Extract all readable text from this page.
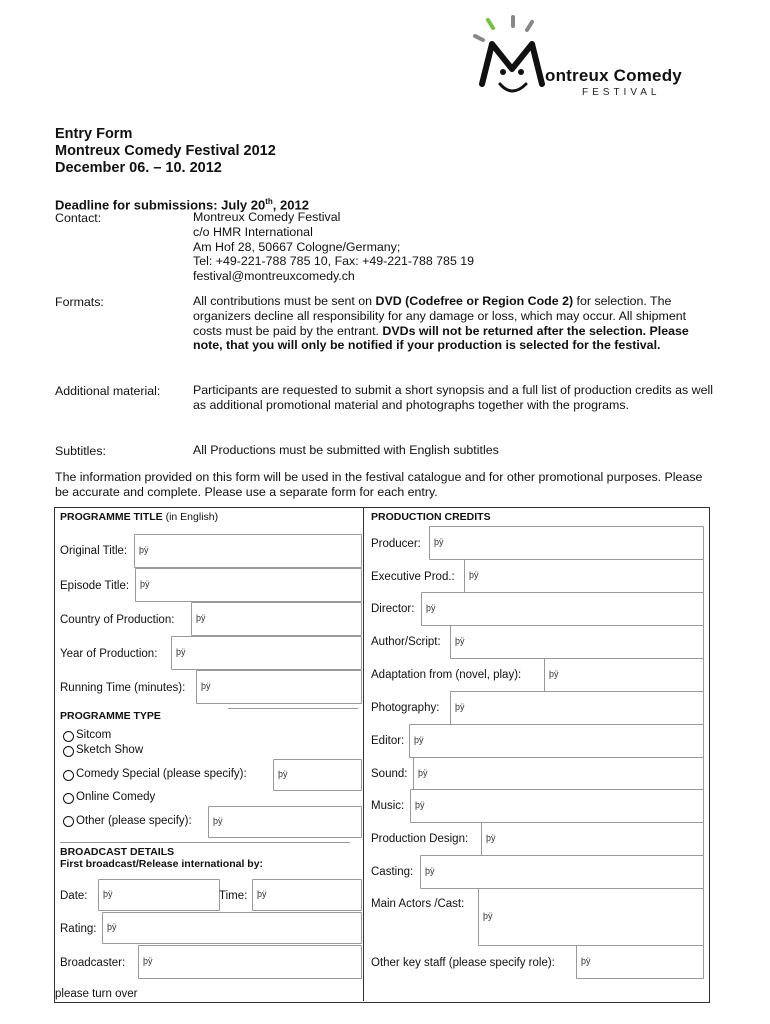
ontreux Comedy
FESTIVAL
Entry Form
Montreux Comedy Festival 2012
December 06. – 10. 2012
Deadline for submissions: July 20th, 2012
Contact:	Montreux Comedy Festival
c/o HMR International
Am Hof 28, 50667 Cologne/Germany;
Tel: +49-221-788 785 10, Fax: +49-221-788 785 19
festival@montreuxcomedy.ch
Formats:	All contributions must be sent on DVD (Codefree or Region Code 2) for selection. The organizers decline all responsibility for any damage or loss, which may occur. All shipment costs must be paid by the entrant. DVDs will not be returned after the selection. Please note, that you will only be notified if your production is selected for the festival.
Additional material:	Participants are requested to submit a short synopsis and a full list of production credits as well as additional promotional material and photographs together with the programs.
Subtitles:	All Productions must be submitted with English subtitles
The information provided on this form will be used in the festival catalogue and for other promotional purposes. Please be accurate and complete. Please use a separate form for each entry.
PROGRAMME TITLE (in English)
Original Title: þÿ
Episode Title: þÿ
Country of Production: þÿ
Year of Production: þÿ
Running Time (minutes): þÿ
PROGRAMME TYPE
Sitcom
Sketch Show
Comedy Special (please specify):	þÿ
Online Comedy
Other (please specify): þÿ
BROADCAST DETAILS
First broadcast/Release international by:
Date: þÿ	Time: þÿ
Rating: þÿ
Broadcaster: þÿ
PRODUCTION CREDITS
Producer: þÿ
Executive Prod.: þÿ
Director: þÿ
Author/Script: þÿ
Adaptation from (novel, play):	þÿ
Photography: þÿ
Editor: þÿ
Sound: þÿ
Music: þÿ
Production Design: þÿ
Casting: þÿ
Main Actors /Cast:
þÿ
Other key staff (please specify role):	þÿ
please turn over
